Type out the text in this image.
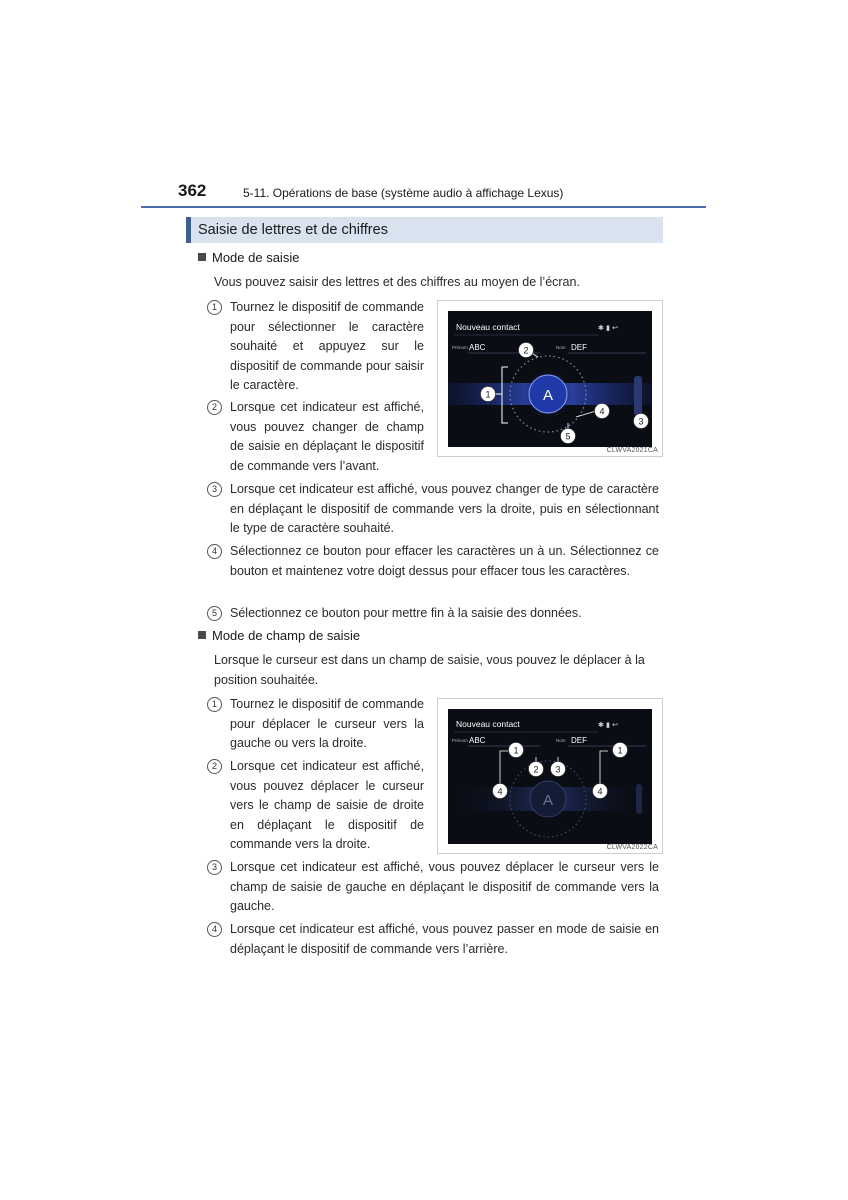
362	5-11. Opérations de base (système audio à affichage Lexus)
Saisie de lettres et de chiffres
Mode de saisie
Vous pouvez saisir des lettres et des chiffres au moyen de l’écran.
1	Tournez le dispositif de commande pour sélectionner le caractère souhaité et appuyez sur le dispositif de commande pour saisir le caractère.
2	Lorsque cet indicateur est affiché, vous pouvez changer de champ de saisie en déplaçant le dispositif de commande vers l’avant.
Nouveau contact	✱ ▮ ↩
Prénom ABC	Nom DEF
A
1
2
3
4
5
CLWVA2021CA
3	Lorsque cet indicateur est affiché, vous pouvez changer de type de caractère en déplaçant le dispositif de commande vers la droite, puis en sélectionnant le type de caractère souhaité.
4	Sélectionnez ce bouton pour effacer les caractères un à un. Sélectionnez ce bouton et maintenez votre doigt dessus pour effacer tous les caractères.
5	Sélectionnez ce bouton pour mettre fin à la saisie des données.
Mode de champ de saisie
Lorsque le curseur est dans un champ de saisie, vous pouvez le déplacer à la position souhaitée.
1	Tournez le dispositif de commande pour déplacer le curseur vers la gauche ou vers la droite.
2	Lorsque cet indicateur est affiché, vous pouvez déplacer le curseur vers le champ de saisie de droite en déplaçant le dispositif de commande vers la droite.
Nouveau contact	✱ ▮ ↩
Prénom ABC	Nom DEF
A
1
2 3
4
1
4
CLWVA2022CA
3	Lorsque cet indicateur est affiché, vous pouvez déplacer le curseur vers le champ de saisie de gauche en déplaçant le dispositif de commande vers la gauche.
4	Lorsque cet indicateur est affiché, vous pouvez passer en mode de saisie en déplaçant le dispositif de commande vers l’arrière.
